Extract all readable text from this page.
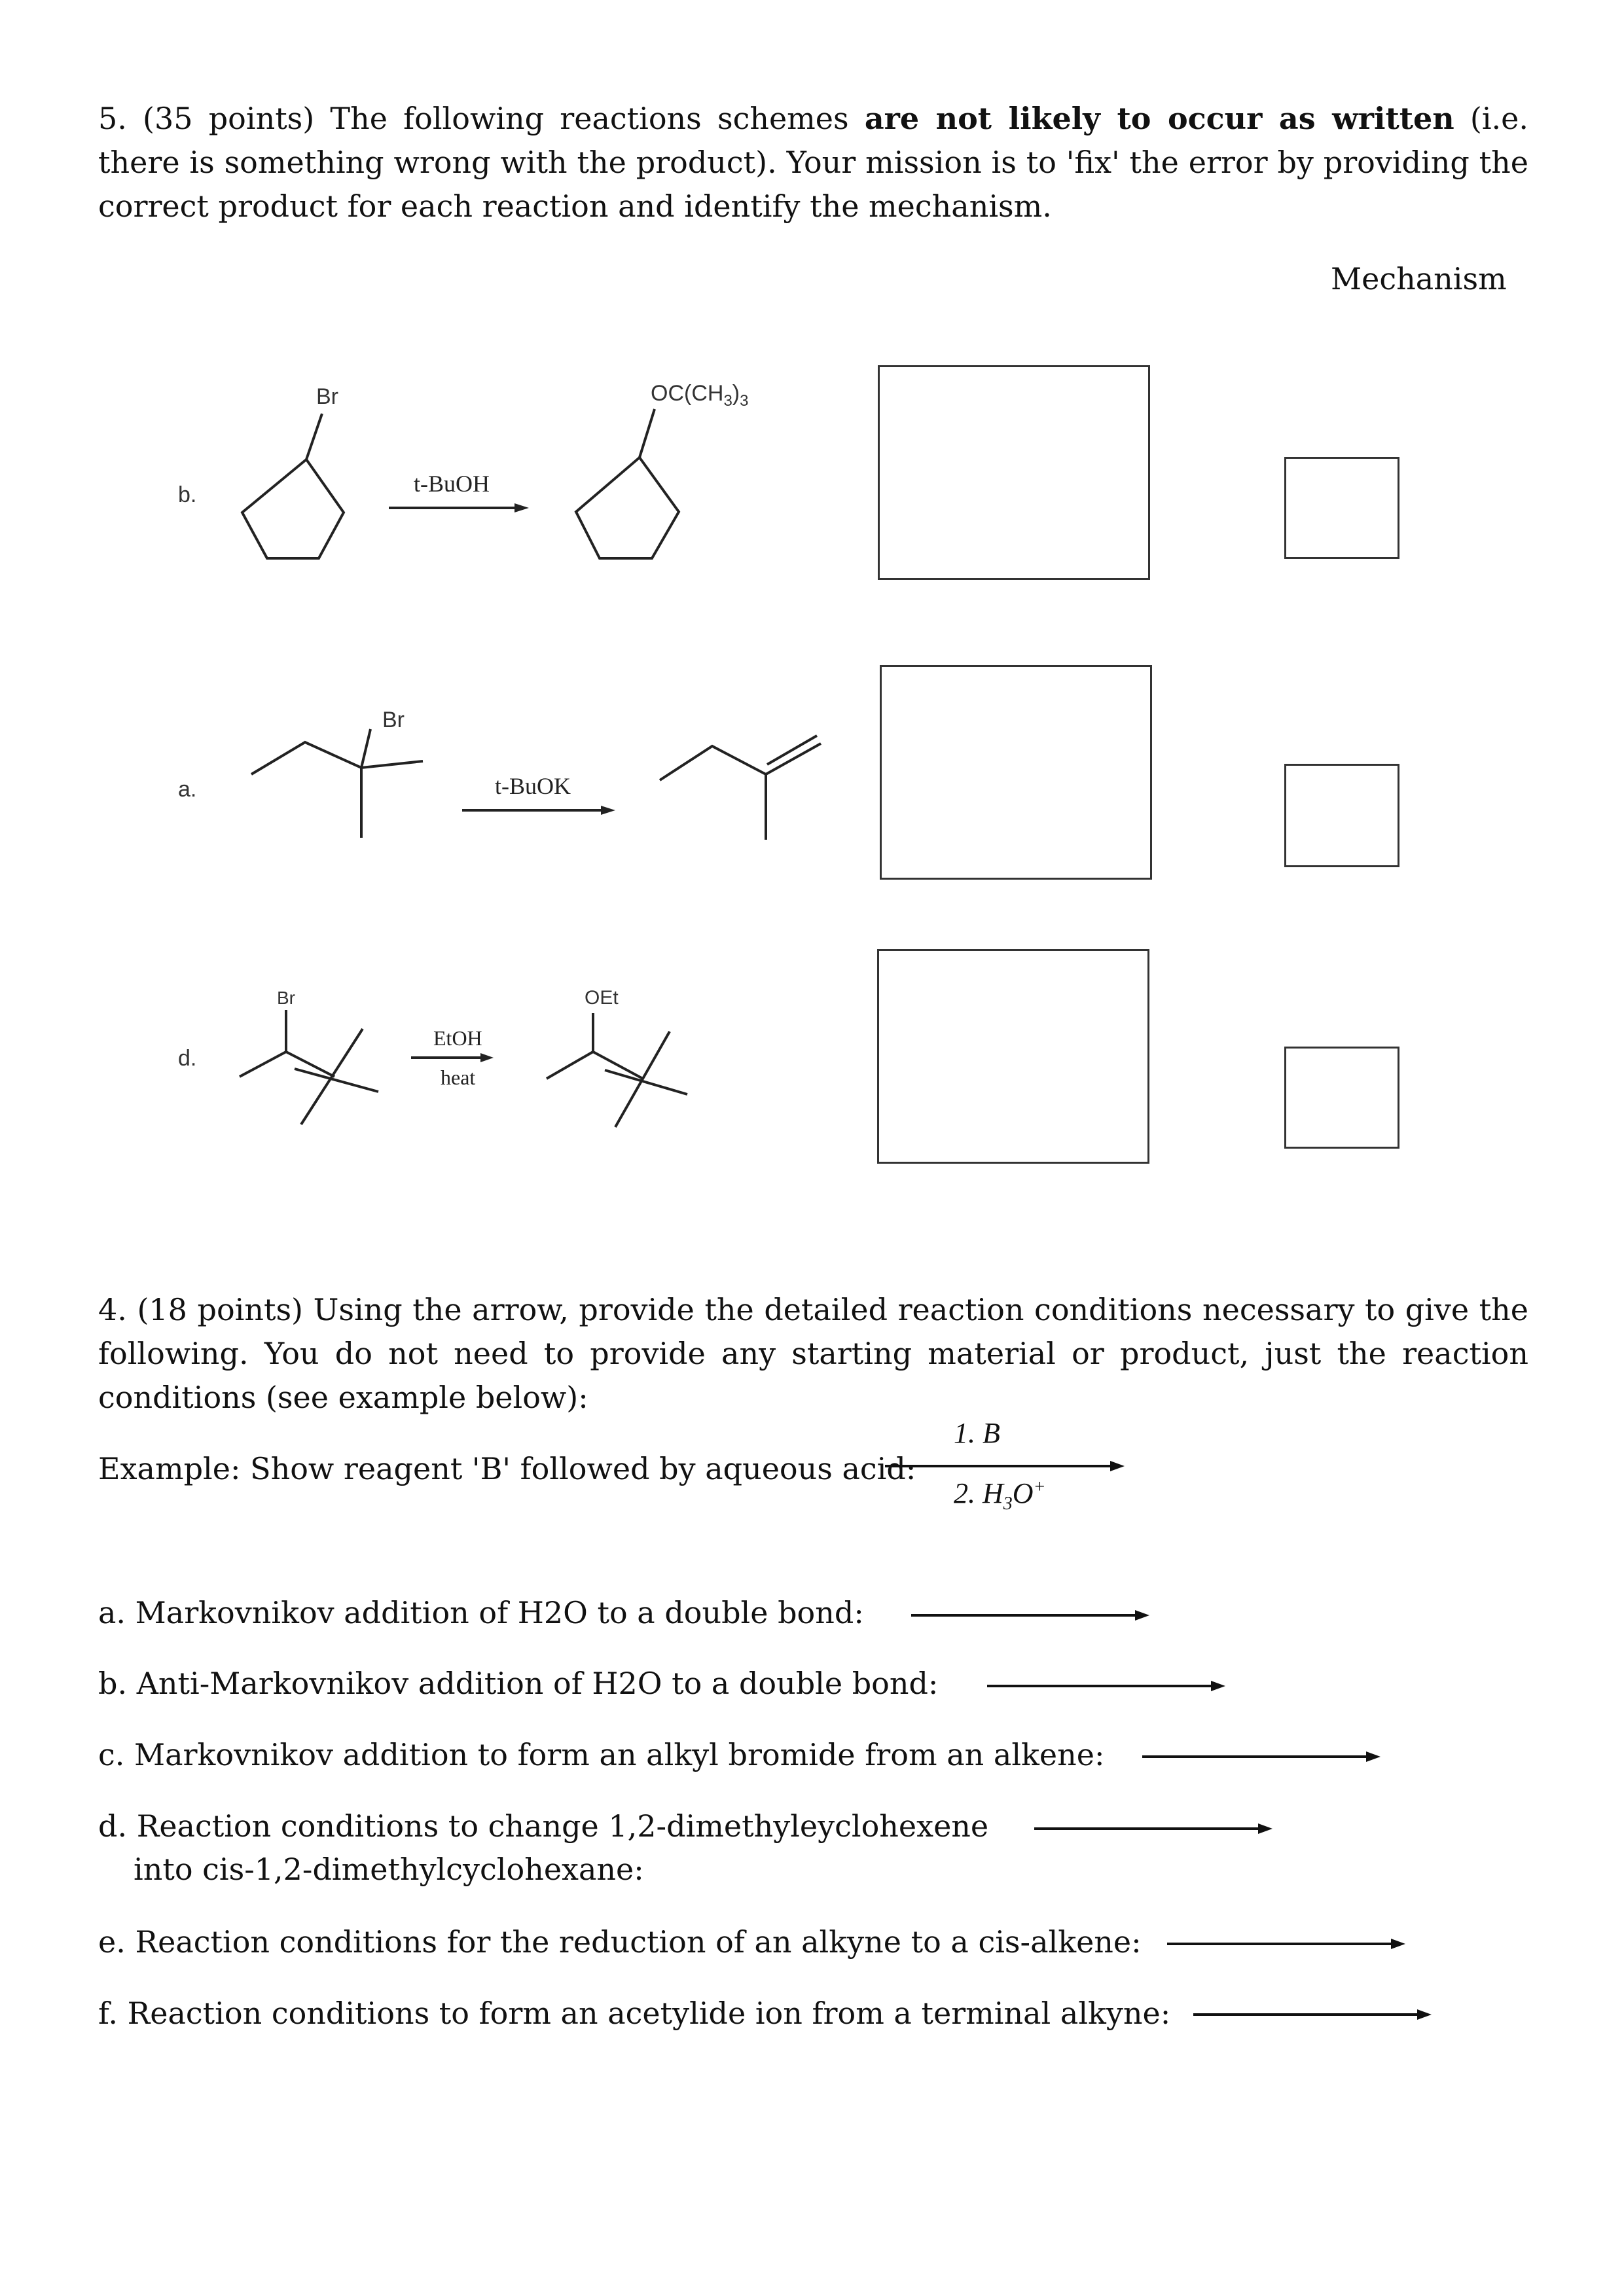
5. (35 points) The following reactions schemes are not likely to occur as written (i.e. there is something wrong with the product). Your mission is to 'fix' the error by providing the correct product for each reaction and identify the mechanism.

Mechanism
b.
Br
t-BuOH
$OC(CH_3)_3$
a.
Br
t-BuOK
d.
Br
EtOH
heat
OEt

4. (18 points) Using the arrow, provide the detailed reaction conditions necessary to give the following. You do not need to provide any starting material or product, just the reaction conditions (see example below):

Example: Show reagent 'B' followed by aqueous acid:
1. B
2. $H_3O^+$
a. Markovnikov addition of H2O to a double bond:
b. Anti-Markovnikov addition of H2O to a double bond:
c. Markovnikov addition to form an alkyl bromide from an alkene:
d. Reaction conditions to change 1,2-dimethyleyclohexene
into cis-1,2-dimethylcyclohexane:
e. Reaction conditions for the reduction of an alkyne to a cis-alkene:
f. Reaction conditions to form an acetylide ion from a terminal alkyne:
